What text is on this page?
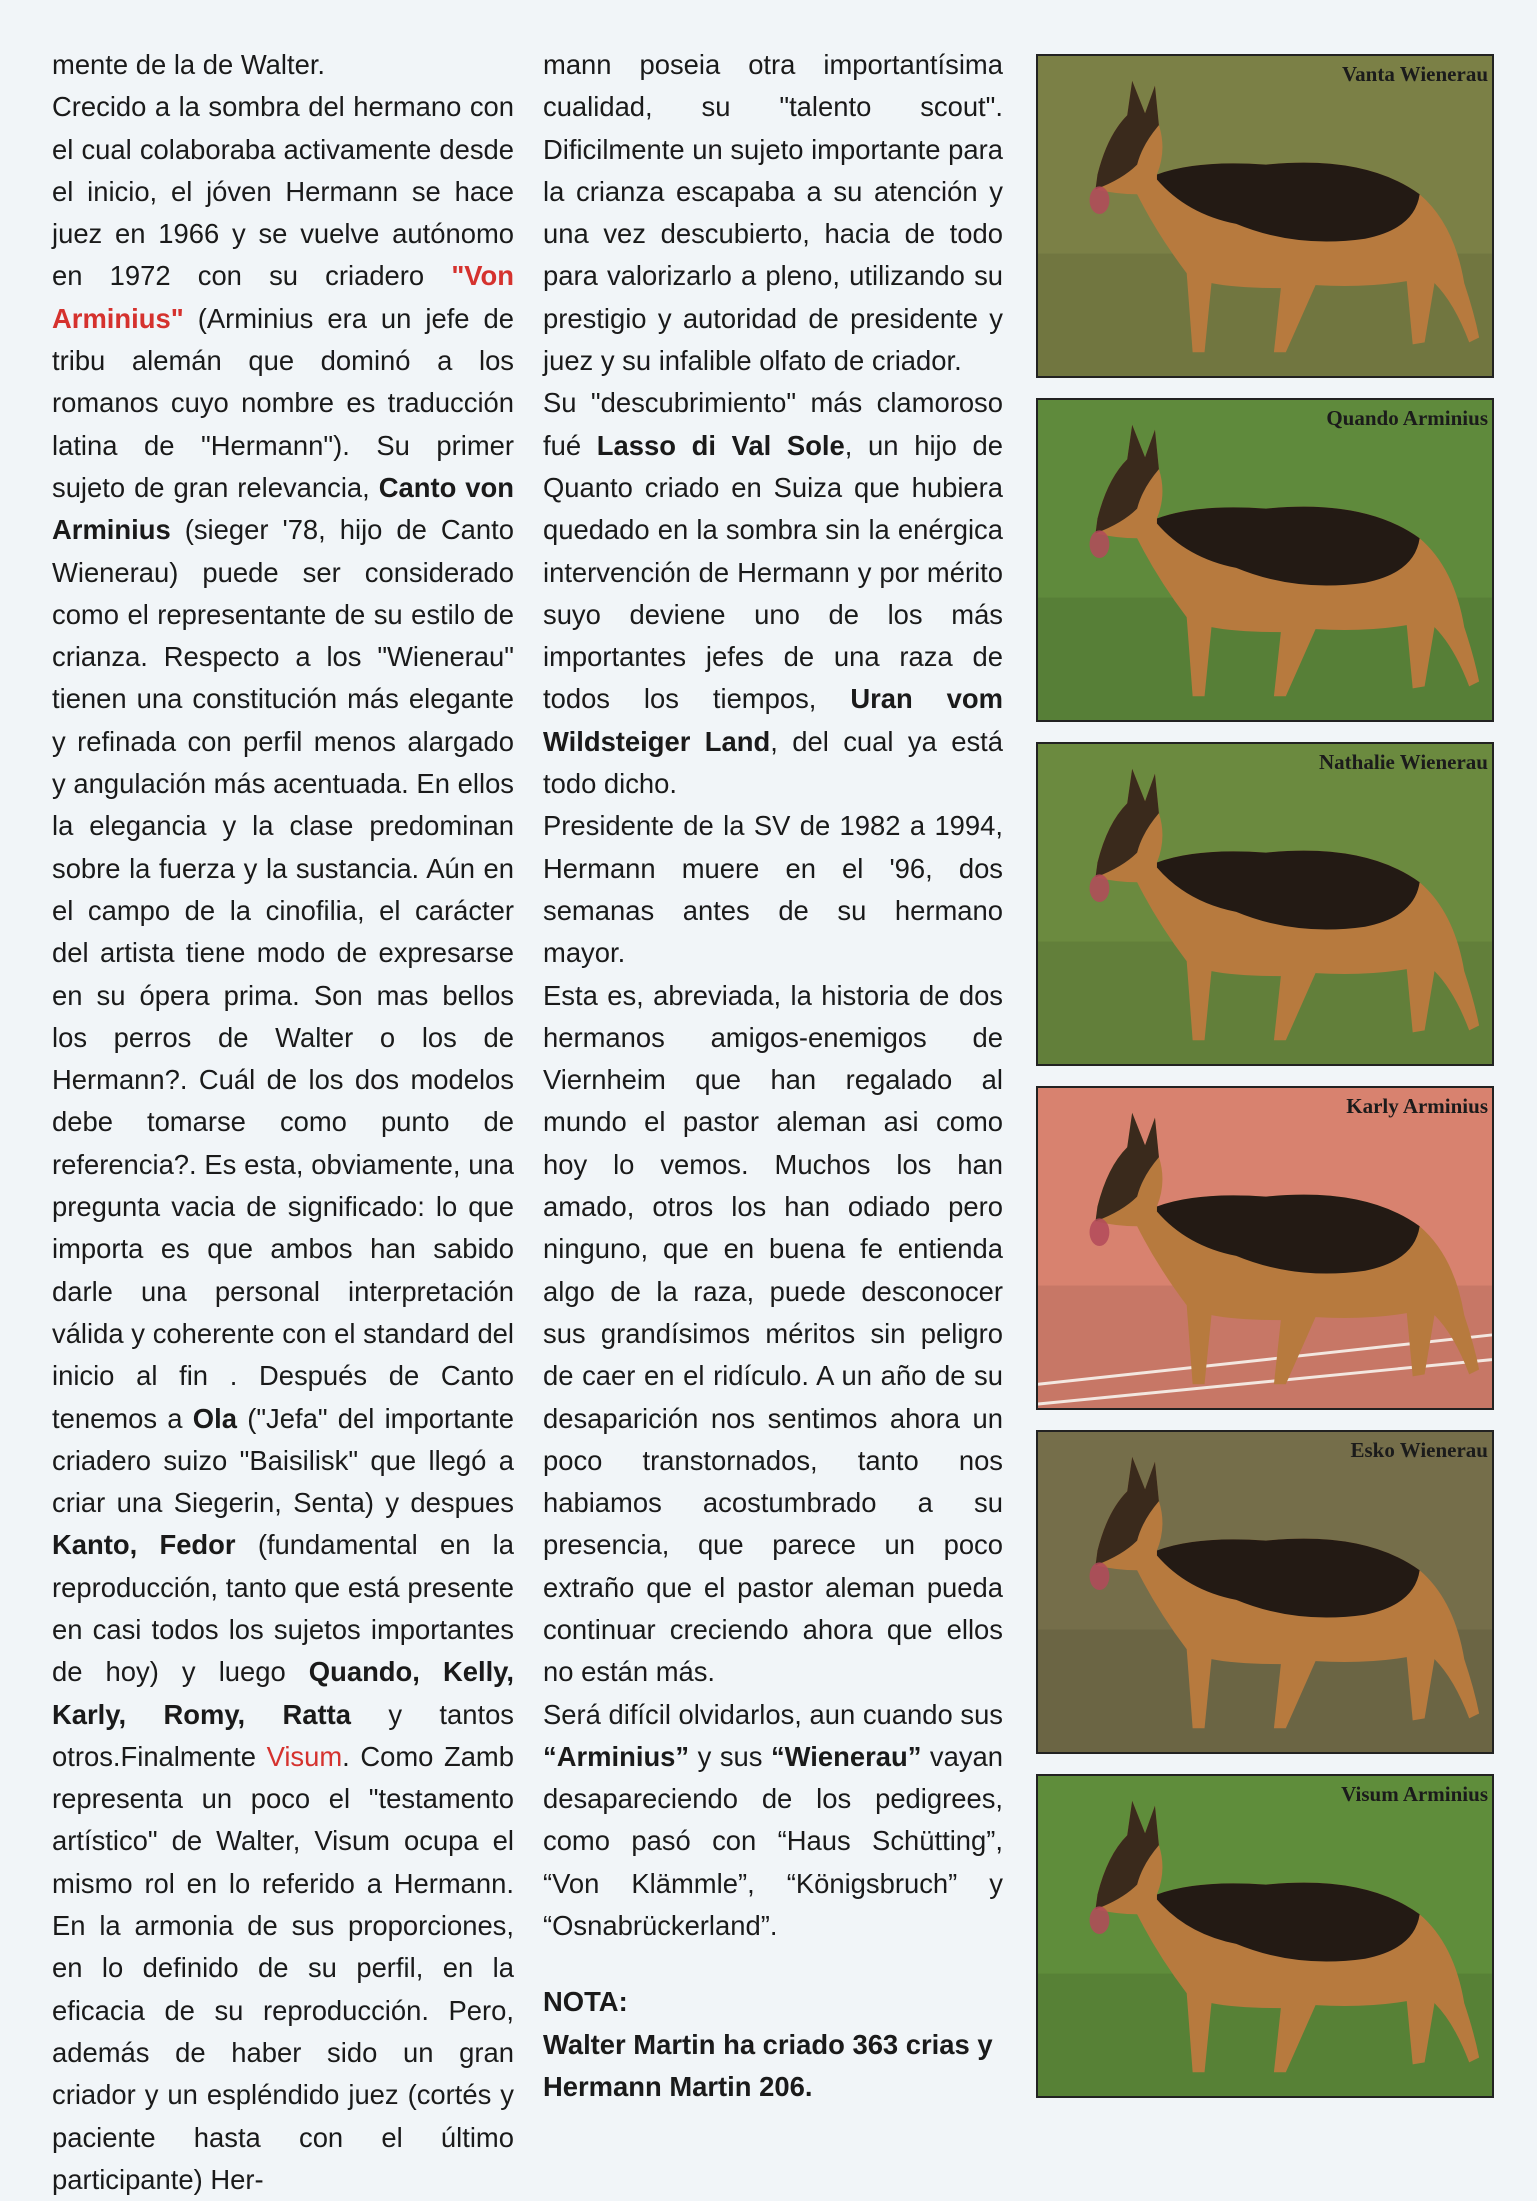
mente de la de Walter.

Crecido a la sombra del hermano con el cual colaboraba activamente desde el inicio, el jóven Hermann se hace juez en 1966 y se vuelve autónomo en 1972 con su criadero "Von Arminius" (Arminius era un jefe de tribu alemán que dominó a los romanos cuyo nombre es traducción latina de "Hermann"). Su primer sujeto de gran relevancia, Canto von Arminius (sieger '78, hijo de Canto Wienerau) puede ser considerado como el representante de su estilo de crianza. Respecto a los "Wienerau" tienen una constitución más elegante y refinada con perfil menos alargado y angulación más acentuada. En ellos la elegancia y la clase predominan sobre la fuerza y la sustancia. Aún en el campo de la cinofilia, el carácter del artista tiene modo de expresarse en su ópera prima. Son mas bellos los perros de Walter o los de Hermann?. Cuál de los dos modelos debe tomarse como punto de referencia?. Es esta, obviamente, una pregunta vacia de significado: lo que importa es que ambos han sabido darle una personal interpretación válida y coherente con el standard del inicio al fin . Después de Canto tenemos a Ola ("Jefa" del importante criadero suizo "Baisilisk" que llegó a criar una Siegerin, Senta) y despues Kanto, Fedor (fundamental en la reproducción, tanto que está presente en casi todos los sujetos importantes de hoy) y luego Quando, Kelly, Karly, Romy, Ratta y tantos otros.Finalmente Visum. Como Zamb representa un poco el "testamento artístico" de Walter, Visum ocupa el mismo rol en lo referido a Hermann. En la armonia de sus proporciones, en lo definido de su perfil, en la eficacia de su reproducción. Pero, además de haber sido un gran criador y un espléndido juez (cortés y paciente hasta con el último participante) Her-

mann poseia otra importantísima cualidad, su "talento scout". Dificilmente un sujeto importante para la crianza escapaba a su atención y una vez descubierto, hacia de todo para valorizarlo a pleno, utilizando su prestigio y autoridad de presidente y juez y su infalible olfato de criador.

Su "descubrimiento" más clamoroso fué Lasso di Val Sole, un hijo de Quanto criado en Suiza que hubiera quedado en la sombra sin la enérgica intervención de Hermann y por mérito suyo deviene uno de los más importantes jefes de una raza de todos los tiempos, Uran vom Wildsteiger Land, del cual ya está todo dicho.

Presidente de la SV de 1982 a 1994, Hermann muere en el '96, dos semanas antes de su hermano mayor.

Esta es, abreviada, la historia de dos hermanos amigos-enemigos de Viernheim que han regalado al mundo el pastor aleman asi como hoy lo vemos. Muchos los han amado, otros los han odiado pero ninguno, que en buena fe entienda algo de la raza, puede desconocer sus grandísimos méritos sin peligro de caer en el ridículo. A un año de su desaparición nos sentimos ahora un poco transtornados, tanto nos habiamos acostumbrado a su presencia, que parece un poco extraño que el pastor aleman pueda continuar creciendo ahora que ellos no están más.

Será difícil olvidarlos, aun cuando sus “Arminius” y sus “Wienerau” vayan desapareciendo de los pedigrees, como pasó con “Haus Schütting”, “Von Klämmle”, “Königsbruch” y “Osnabrückerland”.

NOTA:

Walter Martin ha criado 363 crias y Hermann Martin 206.

Vanta Wienerau
Quando Arminius
Nathalie Wienerau
Karly Arminius
Esko Wienerau
Visum Arminius
